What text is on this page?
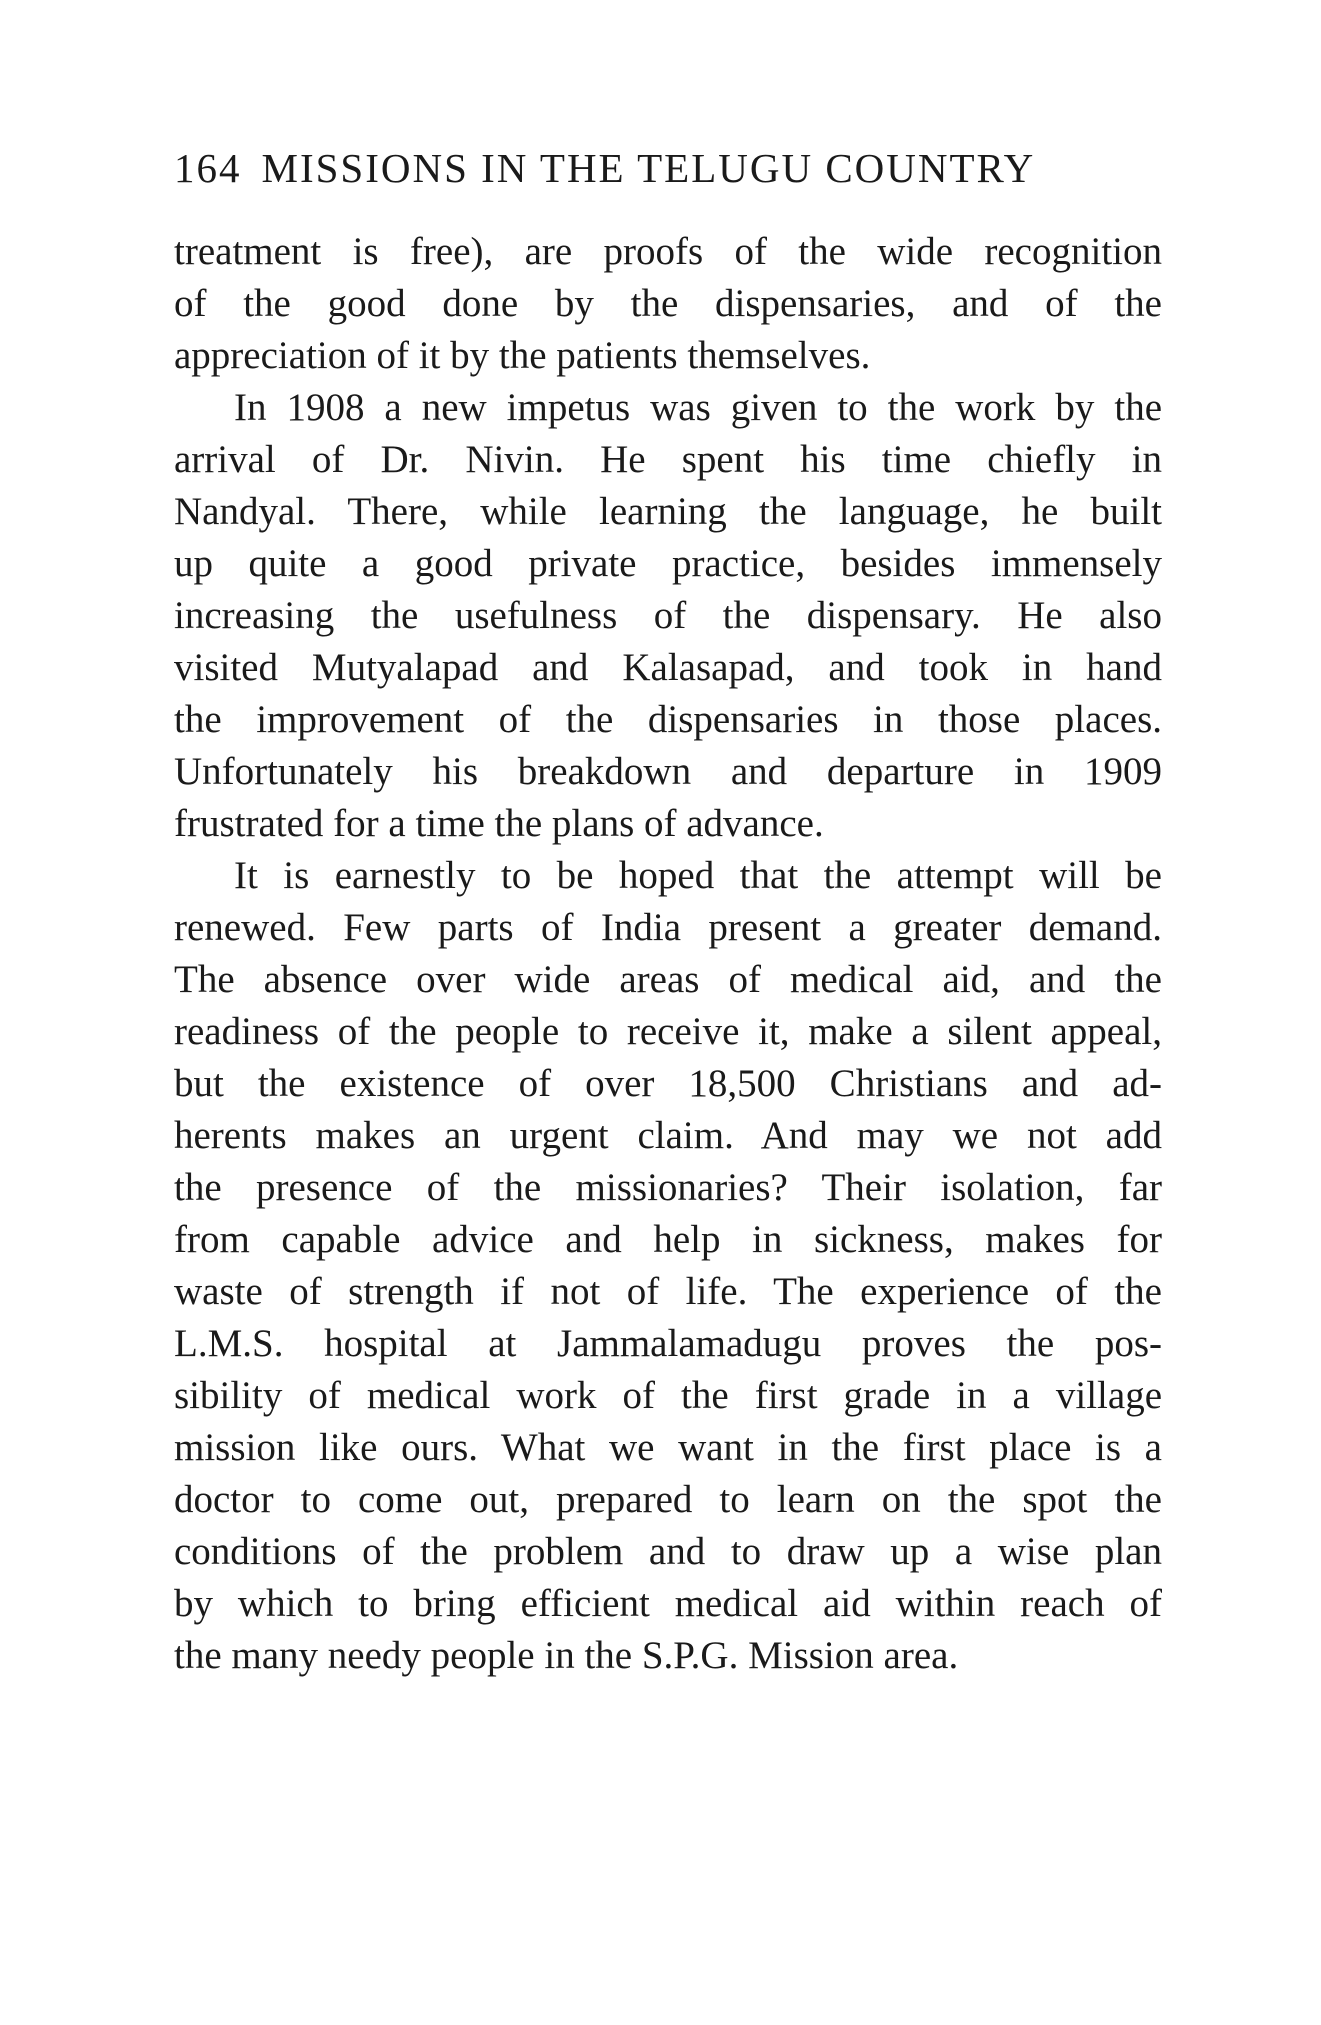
164 MISSIONS IN THE TELUGU COUNTRY
treatment is free), are proofs of the wide recognition
of the good done by the dispensaries, and of the
appreciation of it by the patients themselves.
In 1908 a new impetus was given to the work by the
arrival of Dr. Nivin. He spent his time chiefly in
Nandyal. There, while learning the language, he built
up quite a good private practice, besides immensely
increasing the usefulness of the dispensary. He also
visited Mutyalapad and Kalasapad, and took in hand
the improvement of the dispensaries in those places.
Unfortunately his breakdown and departure in 1909
frustrated for a time the plans of advance.
It is earnestly to be hoped that the attempt will be
renewed. Few parts of India present a greater demand.
The absence over wide areas of medical aid, and the
readiness of the people to receive it, make a silent appeal,
but the existence of over 18,500 Christians and ad-
herents makes an urgent claim. And may we not add
the presence of the missionaries? Their isolation, far
from capable advice and help in sickness, makes for
waste of strength if not of life. The experience of the
L.M.S. hospital at Jammalamadugu proves the pos-
sibility of medical work of the first grade in a village
mission like ours. What we want in the first place is a
doctor to come out, prepared to learn on the spot the
conditions of the problem and to draw up a wise plan
by which to bring efficient medical aid within reach of
the many needy people in the S.P.G. Mission area.
